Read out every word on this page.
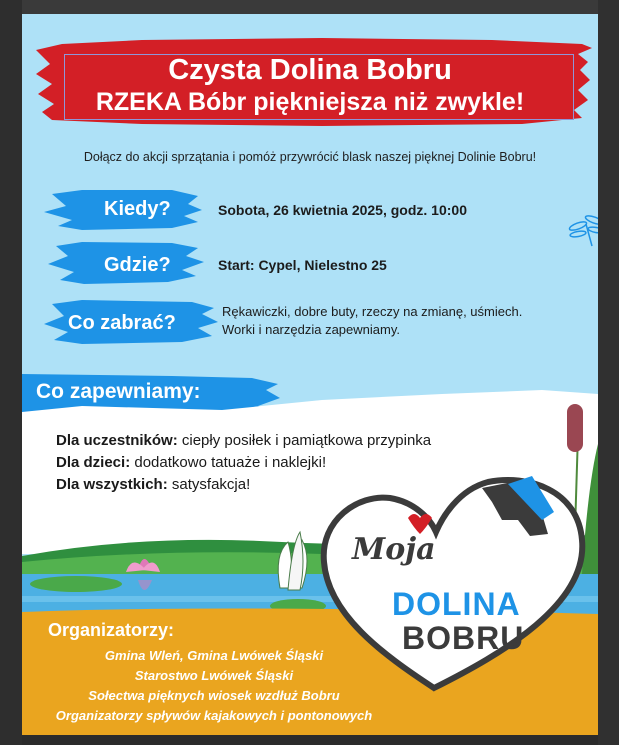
Czysta Dolina Bobru
RZEKA Bóbr piękniejsza niż zwykle!
Dołącz do akcji sprzątania i pomóż przywrócić blask naszej pięknej Dolinie Bobru!
Kiedy?	Sobota, 26 kwietnia 2025, godz. 10:00
Gdzie?	Start: Cypel, Nielestno 25
Co zabrać?
Rękawiczki, dobre buty, rzeczy na zmianę, uśmiech.
Worki i narzędzia zapewniamy.
Co zapewniamy:
Dla uczestników: ciepły posiłek i pamiątkowa przypinka
Dla dzieci: dodatkowo tatuaże i naklejki!
Dla wszystkich: satysfakcja!
Moja
DOLINA
BOBRU
Organizatorzy:
Gmina Wleń, Gmina Lwówek Śląski
Starostwo Lwówek Śląski
Sołectwa pięknych wiosek wzdłuż Bobru
Organizatorzy spływów kajakowych i pontonowych
